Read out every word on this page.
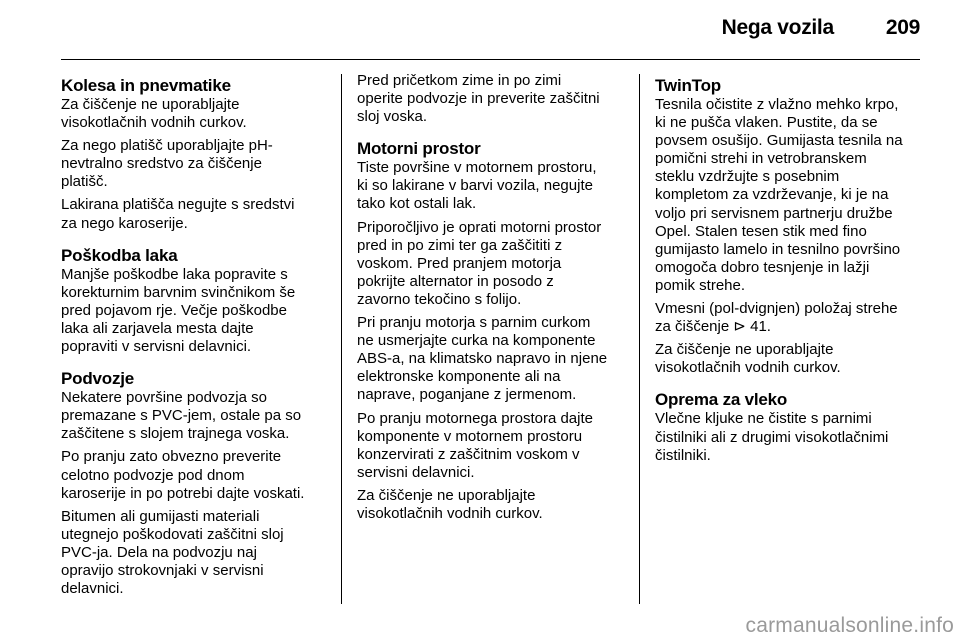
Nega vozila 209
Kolesa in pnevmatike

Za čiščenje ne uporabljajte
visokotlačnih vodnih curkov.

Za nego platišč uporabljajte pH-
nevtralno sredstvo za čiščenje
platišč.

Lakirana platišča negujte s sredstvi
za nego karoserije.

Poškodba laka

Manjše poškodbe laka popravite s
korekturnim barvnim svinčnikom še
pred pojavom rje. Večje poškodbe
laka ali zarjavela mesta dajte
popraviti v servisni delavnici.

Podvozje

Nekatere površine podvozja so
premazane s PVC-jem, ostale pa so
zaščitene s slojem trajnega voska.

Po pranju zato obvezno preverite
celotno podvozje pod dnom
karoserije in po potrebi dajte voskati.

Bitumen ali gumijasti materiali
utegnejo poškodovati zaščitni sloj
PVC-ja. Dela na podvozju naj
opravijo strokovnjaki v servisni
delavnici.

Pred pričetkom zime in po zimi
operite podvozje in preverite zaščitni
sloj voska.

Motorni prostor

Tiste površine v motornem prostoru,
ki so lakirane v barvi vozila, negujte
tako kot ostali lak.

Priporočljivo je oprati motorni prostor
pred in po zimi ter ga zaščititi z
voskom. Pred pranjem motorja
pokrijte alternator in posodo z
zavorno tekočino s folijo.

Pri pranju motorja s parnim curkom
ne usmerjajte curka na komponente
ABS-a, na klimatsko napravo in njene
elektronske komponente ali na
naprave, poganjane z jermenom.

Po pranju motornega prostora dajte
komponente v motornem prostoru
konzervirati z zaščitnim voskom v
servisni delavnici.

Za čiščenje ne uporabljajte
visokotlačnih vodnih curkov.

TwinTop

Tesnila očistite z vlažno mehko krpo,
ki ne pušča vlaken. Pustite, da se
povsem osušijo. Gumijasta tesnila na
pomični strehi in vetrobranskem
steklu vzdržujte s posebnim
kompletom za vzdrževanje, ki je na
voljo pri servisnem partnerju družbe
Opel. Stalen tesen stik med fino
gumijasto lamelo in tesnilno površino
omogoča dobro tesnjenje in lažji
pomik strehe.

Vmesni (pol-dvignjen) položaj strehe
za čiščenje ⊳ 41.

Za čiščenje ne uporabljajte
visokotlačnih vodnih curkov.

Oprema za vleko

Vlečne kljuke ne čistite s parnimi
čistilniki ali z drugimi visokotlačnimi
čistilniki.

carmanualsonline.info
